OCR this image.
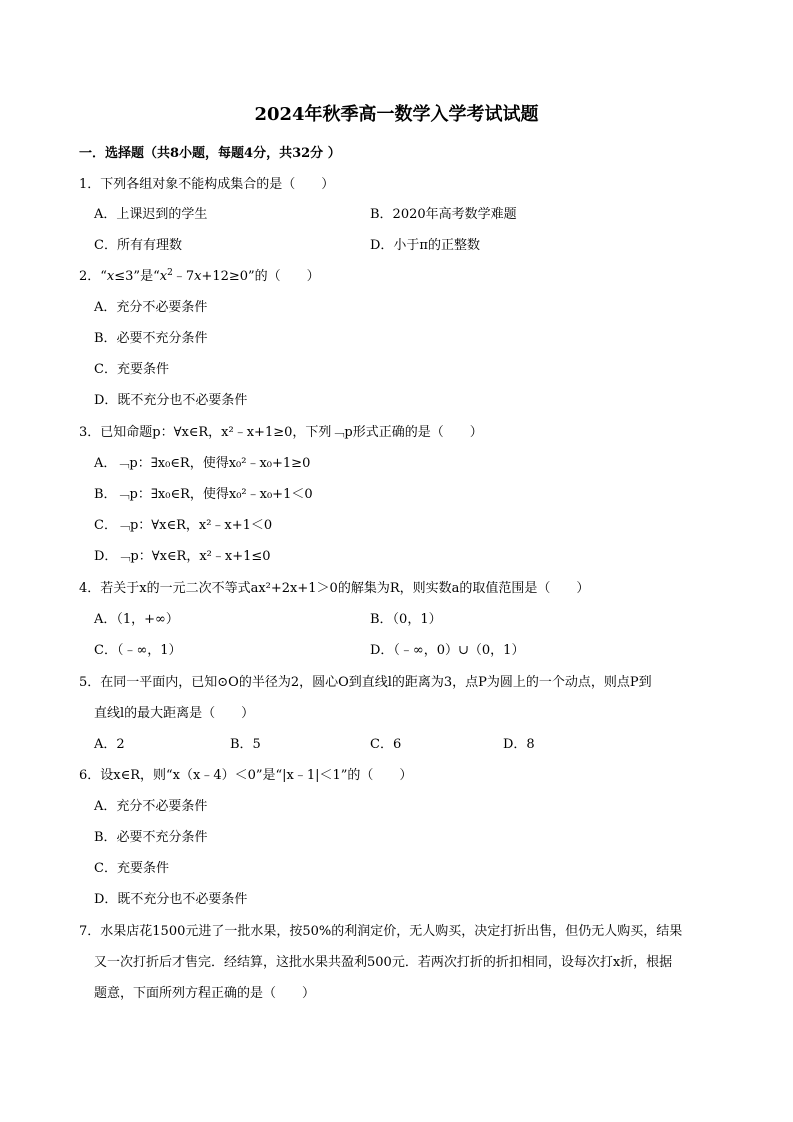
2024年秋季高一数学入学考试试题
一．选择题（共8小题，每题4分，共32分 ）
1．下列各组对象不能构成集合的是（　　）
A．上课迟到的学生	B．2020年高考数学难题
C．所有有理数	D．小于π的正整数
2．“x≤3”是“$x^2﹣7x+12\ge 0$”的（　　）
A．充分不必要条件
B．必要不充分条件
C．充要条件
D．既不充分也不必要条件
3．已知命题p：∀x∈R，x²﹣x+1≥0，下列﹁p形式正确的是（　　）
A．﹁p：∃x₀∈R，使得x₀²﹣x₀+1≥0
B．﹁p：∃x₀∈R，使得x₀²﹣x₀+1＜0
C．﹁p：∀x∈R，x²﹣x+1＜0
D．﹁p：∀x∈R，x²﹣x+1≤0
4．若关于x的一元二次不等式ax²+2x+1＞0的解集为R，则实数a的取值范围是（　　）
A．（1，+∞）	B．（0，1）
C．（﹣∞，1）	D．（﹣∞，0）∪（0，1）
5．在同一平面内，已知⊙O的半径为2，圆心O到直线l的距离为3，点P为圆上的一个动点，则点P到
直线l的最大距离是（　　）
A．2	B．5	C．6	D．8
6．设x∈R，则“x（x﹣4）＜0”是“|x﹣1|＜1”的（　　）
A．充分不必要条件
B．必要不充分条件
C．充要条件
D．既不充分也不必要条件
7．水果店花1500元进了一批水果，按50%的利润定价，无人购买，决定打折出售，但仍无人购买，结果
又一次打折后才售完．经结算，这批水果共盈利500元．若两次打折的折扣相同，设每次打x折，根据
题意，下面所列方程正确的是（　　）
